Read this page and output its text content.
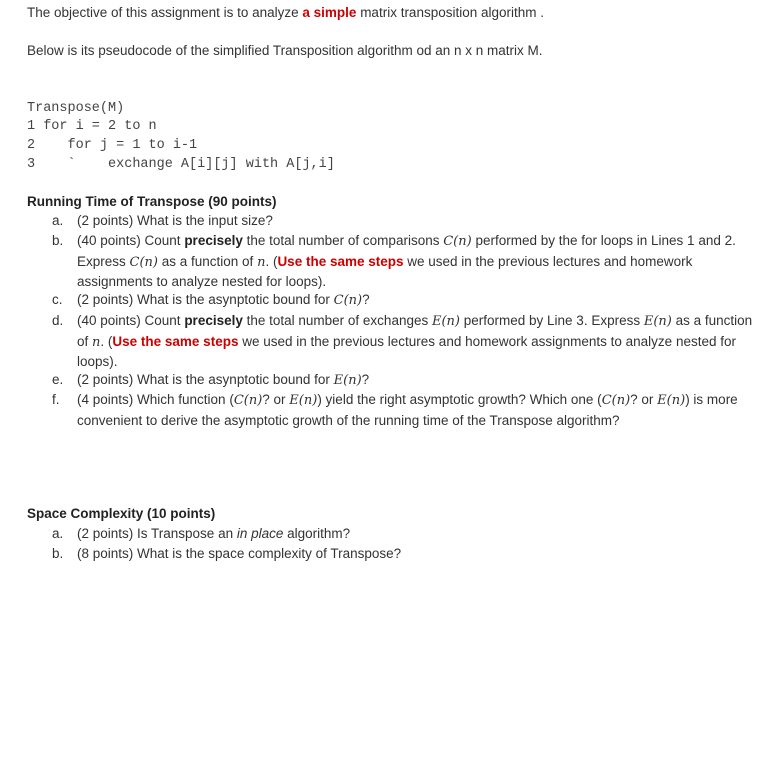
The objective of this assignment is to analyze a simple matrix transposition algorithm .
Below is its pseudocode of the simplified Transposition algorithm od an n x n matrix M.
Transpose(M)
1 for i = 2 to n
2    for j = 1 to i-1
3    `    exchange A[i][j] with A[j,i]
Running Time of Transpose (90 points)
a. (2 points) What is the input size?
b. (40 points) Count precisely the total number of comparisons C(n) performed by the for loops in Lines 1 and 2. Express C(n) as a function of n. (Use the same steps we used in the previous lectures and homework assignments to analyze nested for loops).
c. (2 points) What is the asynptotic bound for C(n)?
d. (40 points) Count precisely the total number of exchanges E(n) performed by Line 3. Express E(n) as a function of n. (Use the same steps we used in the previous lectures and homework assignments to analyze nested for loops).
e. (2 points) What is the asynptotic bound for E(n)?
f. (4 points) Which function (C(n)? or E(n)) yield the right asymptotic growth? Which one (C(n)? or E(n)) is more convenient to derive the asymptotic growth of the running time of the Transpose algorithm?
Space Complexity (10 points)
a. (2 points) Is Transpose an in place algorithm?
b. (8 points) What is the space complexity of Transpose?
